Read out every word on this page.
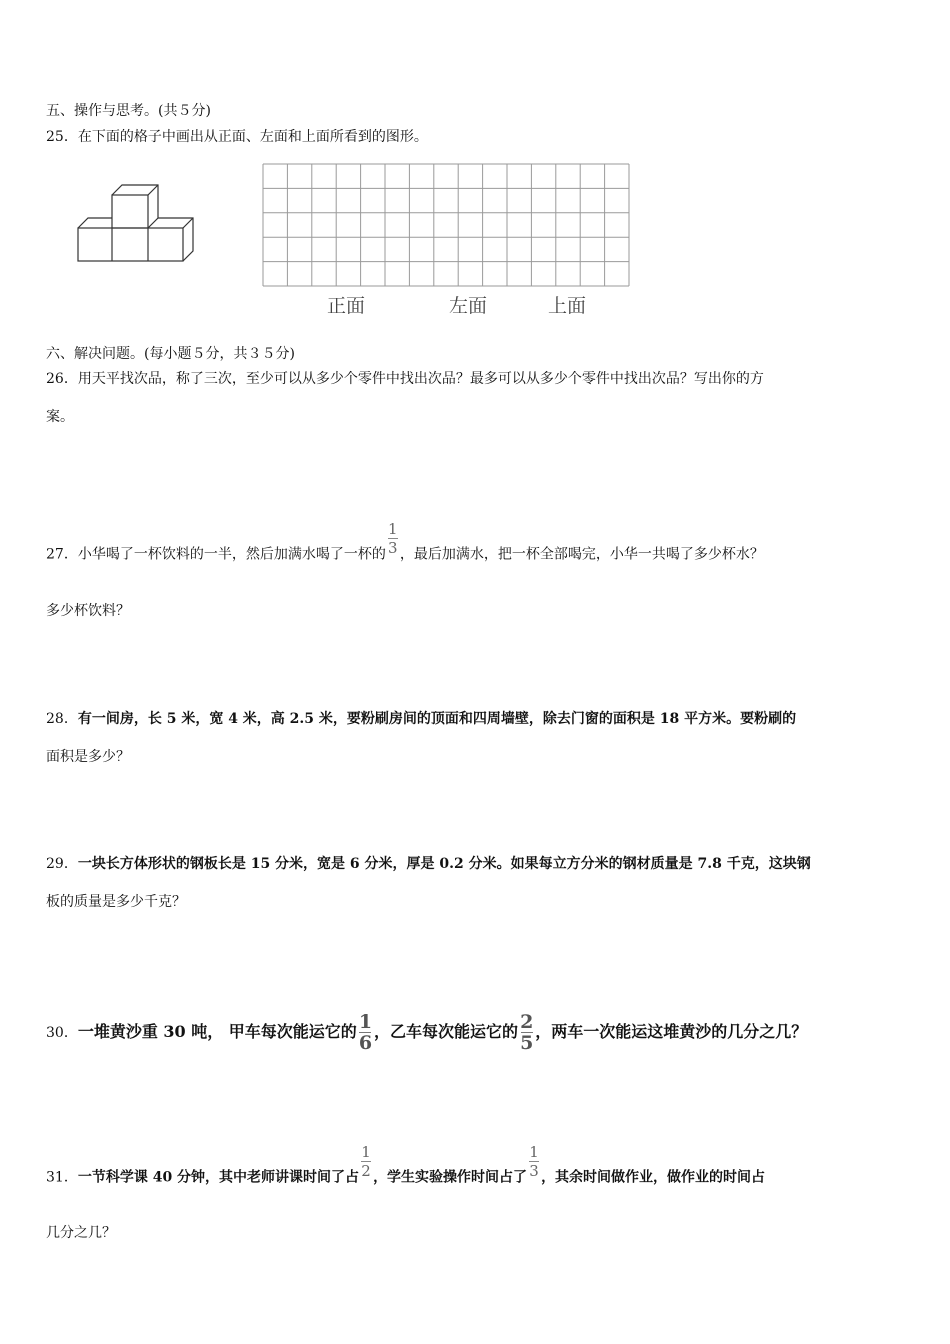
五、操作与思考。(共５分)
25．在下面的格子中画出从正面、左面和上面所看到的图形。
正面	左面	上面
六、解决问题。(每小题５分，共３５分)
26．用天平找次品，称了三次，至少可以从多少个零件中找出次品？最多可以从多少个零件中找出次品？写出你的方
案。
27．小华喝了一杯饮料的一半，然后加满水喝了一杯的 $\frac{1}{3}$ ，最后加满水，把一杯全部喝完，小华一共喝了多少杯水？
多少杯饮料？
28．有一间房，长 5 米，宽 4 米，高 2.5 米，要粉刷房间的顶面和四周墙壁，除去门窗的面积是 18 平方米。要粉刷的
面积是多少？
29．一块长方体形状的钢板长是 15 分米，宽是 6 分米，厚是 0.2 分米。如果每立方分米的钢材质量是 7.8 千克，这块钢
板的质量是多少千克？
30．一堆黄沙重 30 吨， 甲车每次能运它的 $\frac{1}{6}$ ，乙车每次能运它的 $\frac{2}{5}$ ，两车一次能运这堆黄沙的几分之几？
31．一节科学课 40 分钟，其中老师讲课时间了占 $\frac{1}{2}$ ，学生实验操作时间占了 $\frac{1}{3}$ ，其余时间做作业，做作业的时间占
几分之几？
